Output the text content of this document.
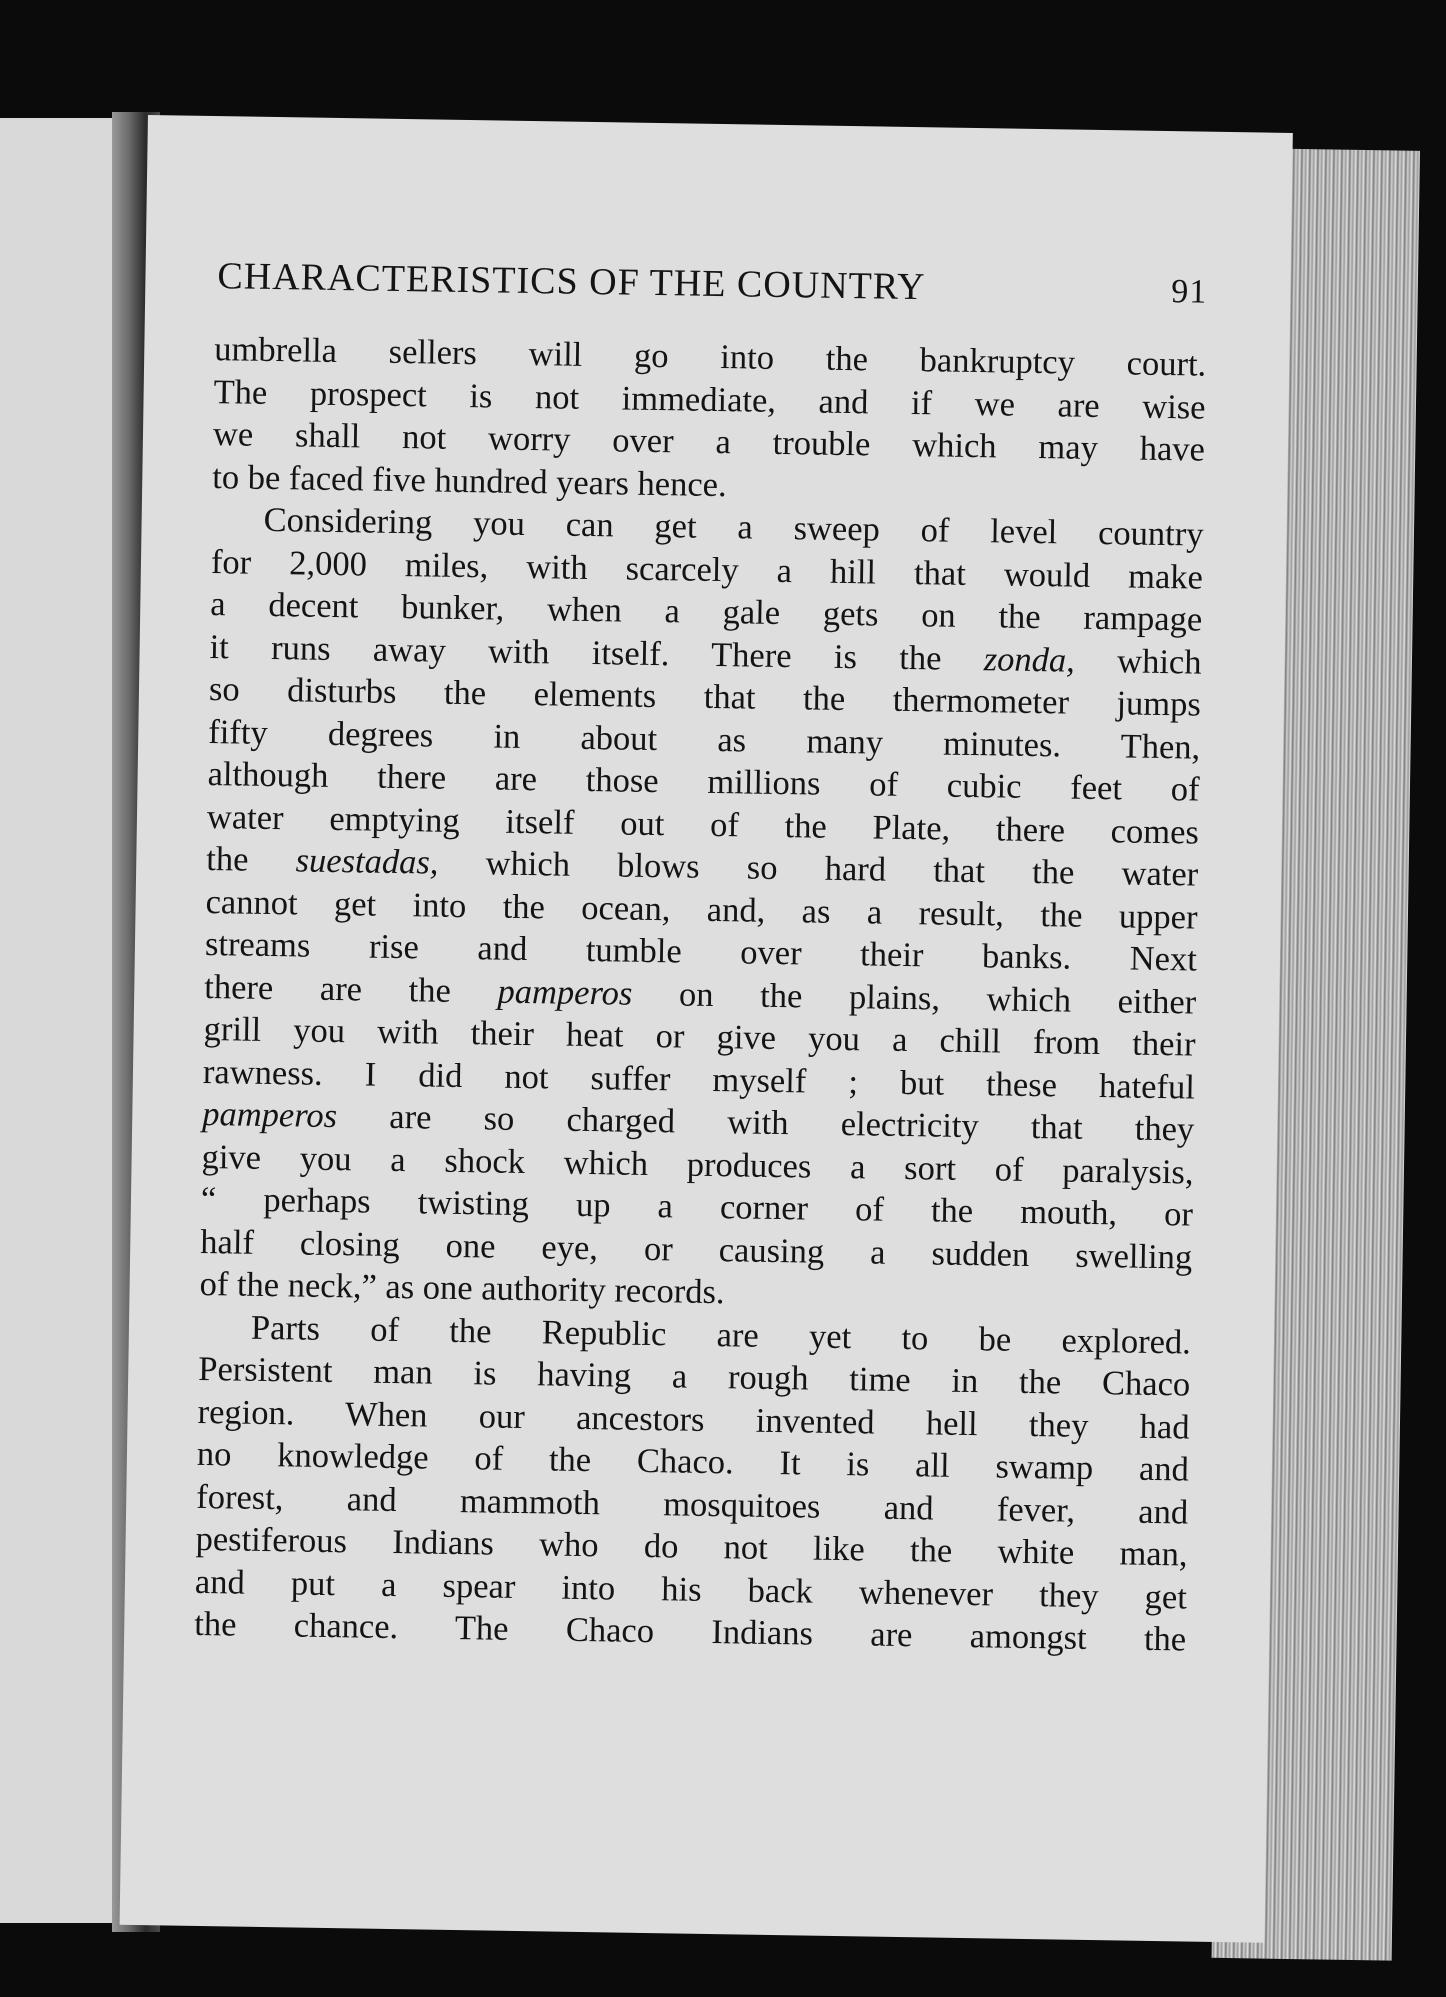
CHARACTERISTICS OF THE COUNTRY	91

umbrella sellers will go into the bankruptcy court.
The prospect is not immediate, and if we are wise
we shall not worry over a trouble which may have
to be faced five hundred years hence.

Considering you can get a sweep of level country
for 2,000 miles, with scarcely a hill that would make
a decent bunker, when a gale gets on the rampage
it runs away with itself. There is the zonda, which
so disturbs the elements that the thermometer jumps
fifty degrees in about as many minutes. Then,
although there are those millions of cubic feet of
water emptying itself out of the Plate, there comes
the suestadas, which blows so hard that the water
cannot get into the ocean, and, as a result, the upper
streams rise and tumble over their banks. Next
there are the pamperos on the plains, which either
grill you with their heat or give you a chill from their
rawness. I did not suffer myself ; but these hateful
pamperos are so charged with electricity that they
give you a shock which produces a sort of paralysis,
“ perhaps twisting up a corner of the mouth, or
half closing one eye, or causing a sudden swelling
of the neck,” as one authority records.

Parts of the Republic are yet to be explored.
Persistent man is having a rough time in the Chaco
region. When our ancestors invented hell they had
no knowledge of the Chaco. It is all swamp and
forest, and mammoth mosquitoes and fever, and
pestiferous Indians who do not like the white man,
and put a spear into his back whenever they get
the chance. The Chaco Indians are amongst the
